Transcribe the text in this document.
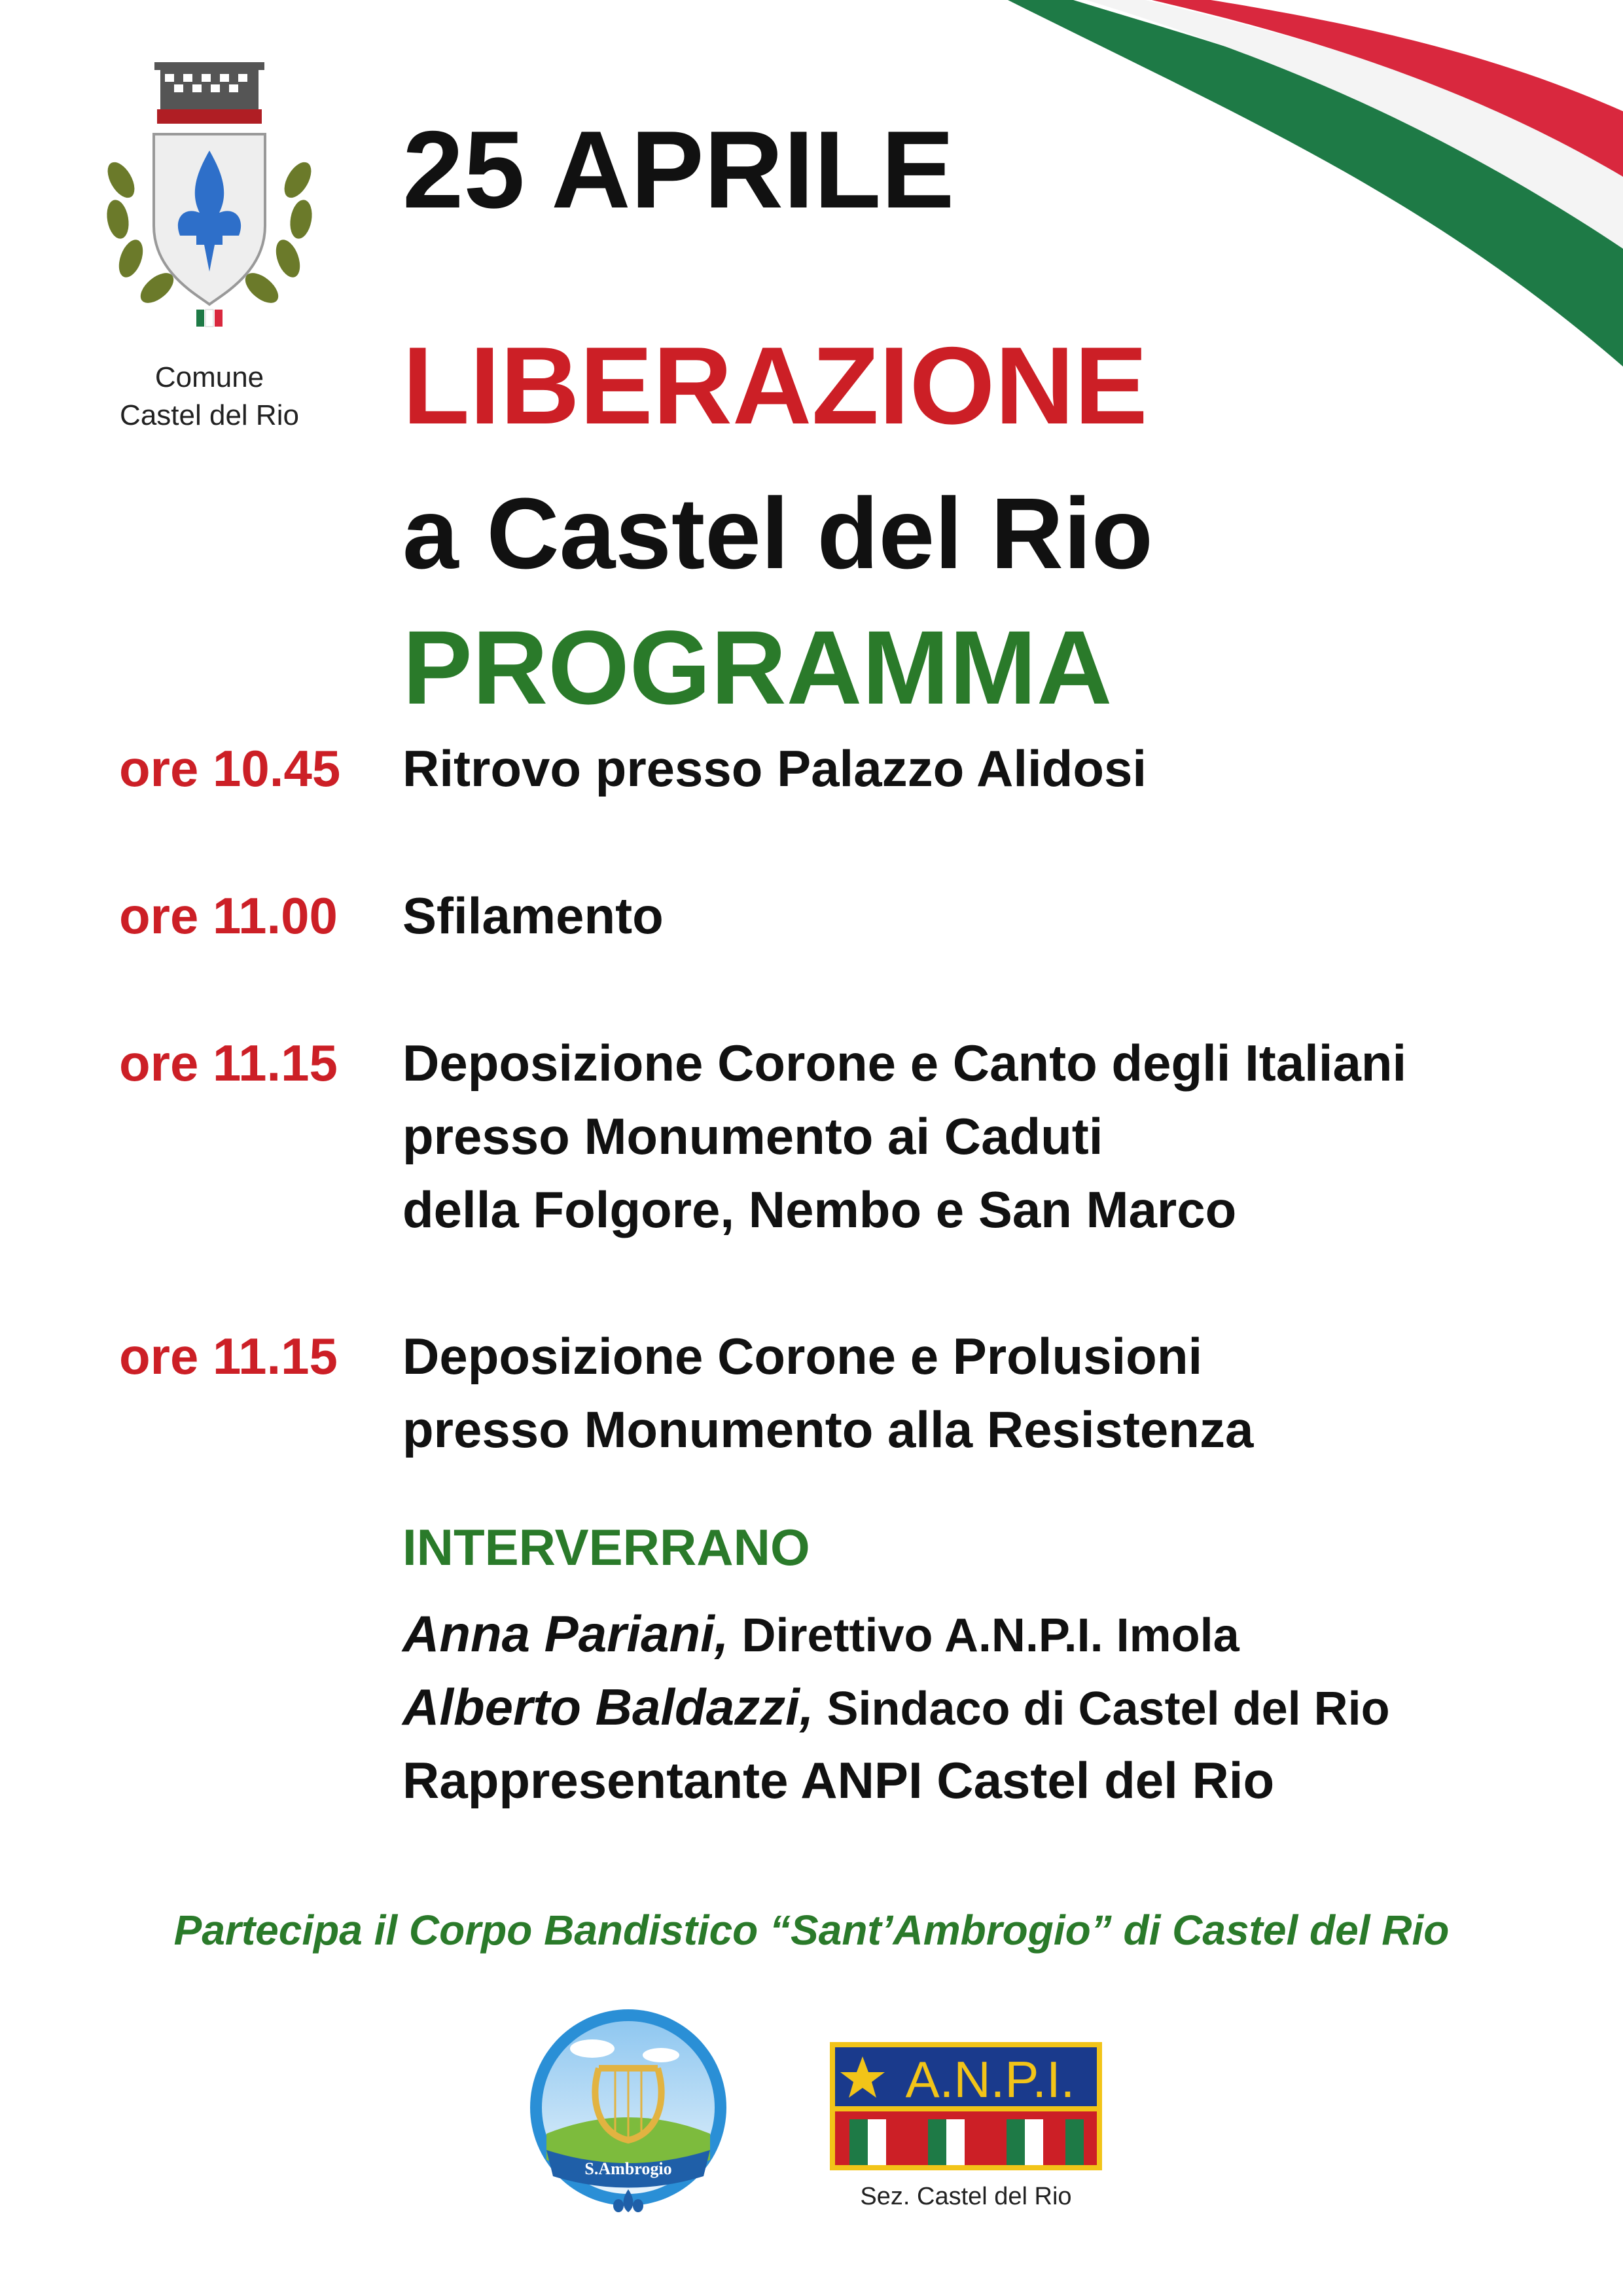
Comune
Castel del Rio
25 APRILE
LIBERAZIONE
a Castel del Rio
PROGRAMMA
ore 10.45	Ritrovo presso Palazzo Alidosi
ore 11.00	Sfilamento
ore 11.15	Deposizione Corone e Canto degli Italiani
presso Monumento ai Caduti
della Folgore, Nembo e San Marco
ore 11.15	Deposizione Corone e Prolusioni
presso Monumento alla Resistenza
INTERVERRANO
Anna Pariani, Direttivo A.N.P.I. Imola
Alberto Baldazzi, Sindaco di Castel del Rio
Rappresentante ANPI Castel del Rio
Partecipa il Corpo Bandistico “Sant’Ambrogio” di Castel del Rio
S.Ambrogio
A.N.P.I.
Sez. Castel del Rio
